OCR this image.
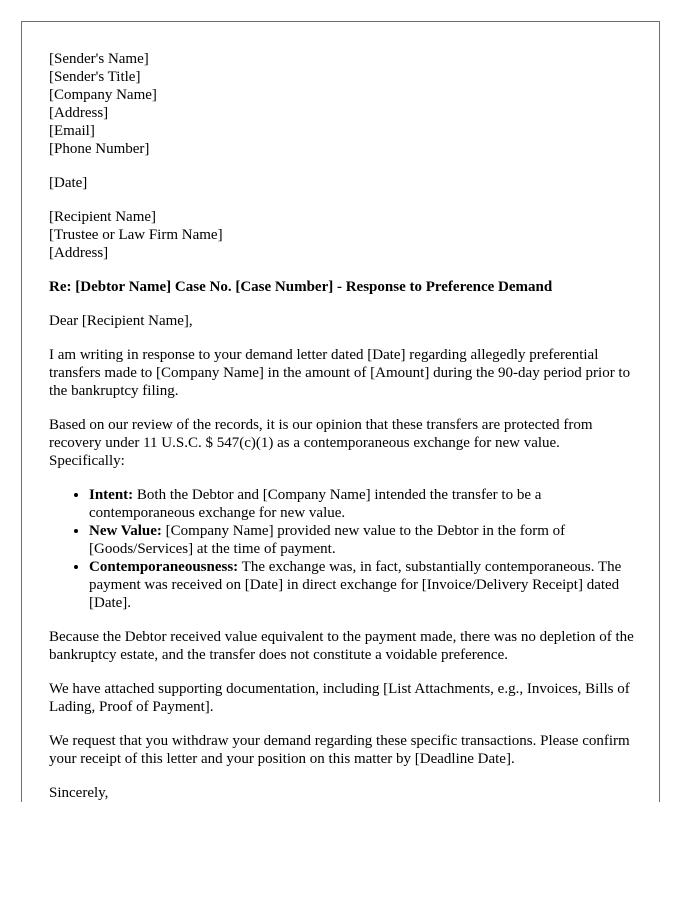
[Sender's Name]
[Sender's Title]
[Company Name]
[Address]
[Email]
[Phone Number]
[Date]
[Recipient Name]
[Trustee or Law Firm Name]
[Address]
Re: [Debtor Name] Case No. [Case Number] - Response to Preference Demand

Dear [Recipient Name],

I am writing in response to your demand letter dated [Date] regarding allegedly preferential transfers made to [Company Name] in the amount of [Amount] during the 90-day period prior to the bankruptcy filing.

Based on our review of the records, it is our opinion that these transfers are protected from recovery under 11 U.S.C. $ 547(c)(1) as a contemporaneous exchange for new value. Specifically:

• Intent: Both the Debtor and [Company Name] intended the transfer to be a contemporaneous exchange for new value.
• New Value: [Company Name] provided new value to the Debtor in the form of [Goods/Services] at the time of payment.
• Contemporaneousness: The exchange was, in fact, substantially contemporaneous. The payment was received on [Date] in direct exchange for [Invoice/Delivery Receipt] dated [Date].

Because the Debtor received value equivalent to the payment made, there was no depletion of the bankruptcy estate, and the transfer does not constitute a voidable preference.

We have attached supporting documentation, including [List Attachments, e.g., Invoices, Bills of Lading, Proof of Payment].

We request that you withdraw your demand regarding these specific transactions. Please confirm your receipt of this letter and your position on this matter by [Deadline Date].

Sincerely,
